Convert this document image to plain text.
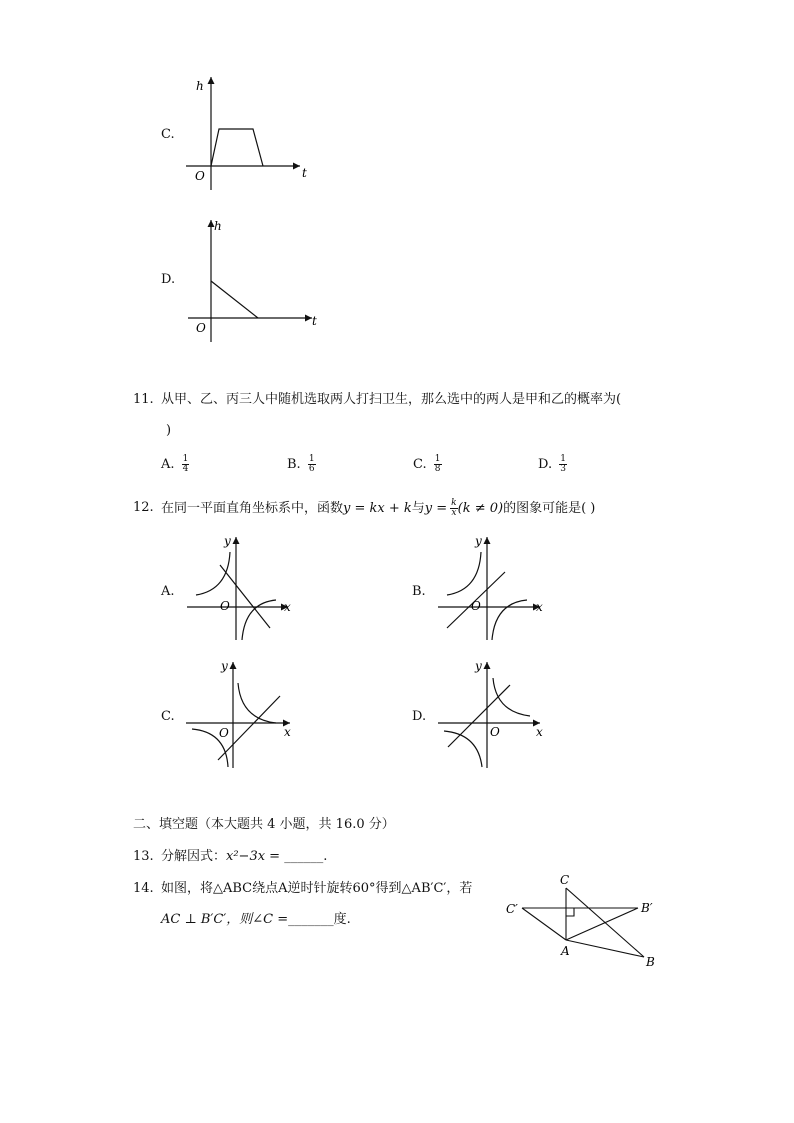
C.
h
t
O
h
t
O
y
x
O
y
x
O
y
x
O
y
x
O
C
C′	B′
A
B
D.
11. 从甲、乙、丙三人中随机选取两人打扫卫生，那么选中的两人是甲和乙的概率为(
)
A. $\frac{1}{4}$	B. $\frac{1}{6}$	C. $\frac{1}{8}$	D. $\frac{1}{3}$
12. 在同一平面直角坐标系中，函数y = kx + k与$y = \frac{k}{x} (k \ne 0)$的图象可能是( )
A.	B.
C.	D.
二、填空题（本大题共 4 小题，共 16.0 分）
13. 分解因式：x²−3x = ______.
14. 如图，将△ABC绕点A逆时针旋转60°得到△AB′C′，若
AC ⊥ B′C′，则∠C =_______度.
